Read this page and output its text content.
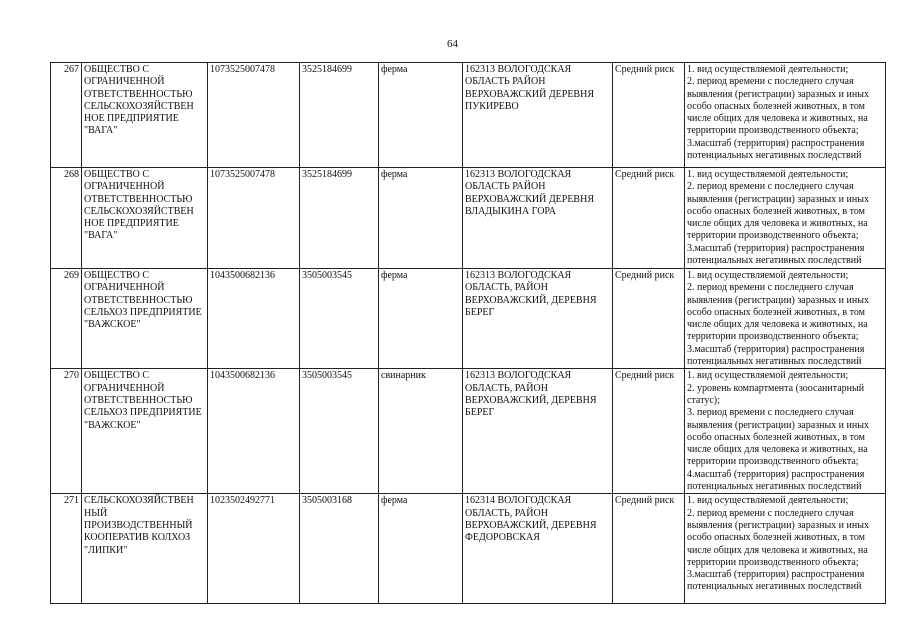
64
267	ОБЩЕСТВО С ОГРАНИЧЕННОЙ ОТВЕТСТВЕННОСТЬЮ СЕЛЬСКОХОЗЯЙСТВЕН НОЕ ПРЕДПРИЯТИЕ "ВАГА"	1073525007478	3525184699	ферма	162313 ВОЛОГОДСКАЯ ОБЛАСТЬ РАЙОН ВЕРХОВАЖСКИЙ ДЕРЕВНЯ ПУКИРЕВО	Средний риск	1. вид осуществляемой деятельности;
2. период времени с последнего случая выявления (регистрации) заразных и иных особо опасных болезней животных, в том числе общих для человека и животных, на территории производственного объекта;
3.масштаб (территория) распространения потенциальных негативных последствий

268	ОБЩЕСТВО С ОГРАНИЧЕННОЙ ОТВЕТСТВЕННОСТЬЮ СЕЛЬСКОХОЗЯЙСТВЕН НОЕ ПРЕДПРИЯТИЕ "ВАГА"	1073525007478	3525184699	ферма	162313 ВОЛОГОДСКАЯ ОБЛАСТЬ РАЙОН ВЕРХОВАЖСКИЙ ДЕРЕВНЯ ВЛАДЫКИНА ГОРА	Средний риск	1. вид осуществляемой деятельности;
2. период времени с последнего случая выявления (регистрации) заразных и иных особо опасных болезней животных, в том числе общих для человека и животных, на территории производственного объекта;
3.масштаб (территория) распространения потенциальных негативных последствий

269	ОБЩЕСТВО С ОГРАНИЧЕННОЙ ОТВЕТСТВЕННОСТЬЮ СЕЛЬХОЗ ПРЕДПРИЯТИЕ "ВАЖСКОЕ"	1043500682136	3505003545	ферма	162313 ВОЛОГОДСКАЯ ОБЛАСТЬ, РАЙОН ВЕРХОВАЖСКИЙ, ДЕРЕВНЯ БЕРЕГ	Средний риск	1. вид осуществляемой деятельности;
2. период времени с последнего случая выявления (регистрации) заразных и иных особо опасных болезней животных, в том числе общих для человека и животных, на территории производственного объекта;
3.масштаб (территория) распространения потенциальных негативных последствий

270	ОБЩЕСТВО С ОГРАНИЧЕННОЙ ОТВЕТСТВЕННОСТЬЮ СЕЛЬХОЗ ПРЕДПРИЯТИЕ "ВАЖСКОЕ"	1043500682136	3505003545	свинарник	162313 ВОЛОГОДСКАЯ ОБЛАСТЬ, РАЙОН ВЕРХОВАЖСКИЙ, ДЕРЕВНЯ БЕРЕГ	Средний риск	1. вид осуществляемой деятельности;
2. уровень компартмента (зоосанитарный статус);
3. период времени с последнего случая выявления (регистрации) заразных и иных особо опасных болезней животных, в том числе общих для человека и животных, на территории производственного объекта;
4.масштаб (территория) распространения потенциальных негативных последствий

271	СЕЛЬСКОХОЗЯЙСТВЕН НЫЙ ПРОИЗВОДСТВЕННЫЙ КООПЕРАТИВ КОЛХОЗ "ЛИПКИ"	1023502492771	3505003168	ферма	162314 ВОЛОГОДСКАЯ ОБЛАСТЬ, РАЙОН ВЕРХОВАЖСКИЙ, ДЕРЕВНЯ ФЕДОРОВСКАЯ	Средний риск	1. вид осуществляемой деятельности;
2. период времени с последнего случая выявления (регистрации) заразных и иных особо опасных болезней животных, в том числе общих для человека и животных, на территории производственного объекта;
3.масштаб (территория) распространения потенциальных негативных последствий
